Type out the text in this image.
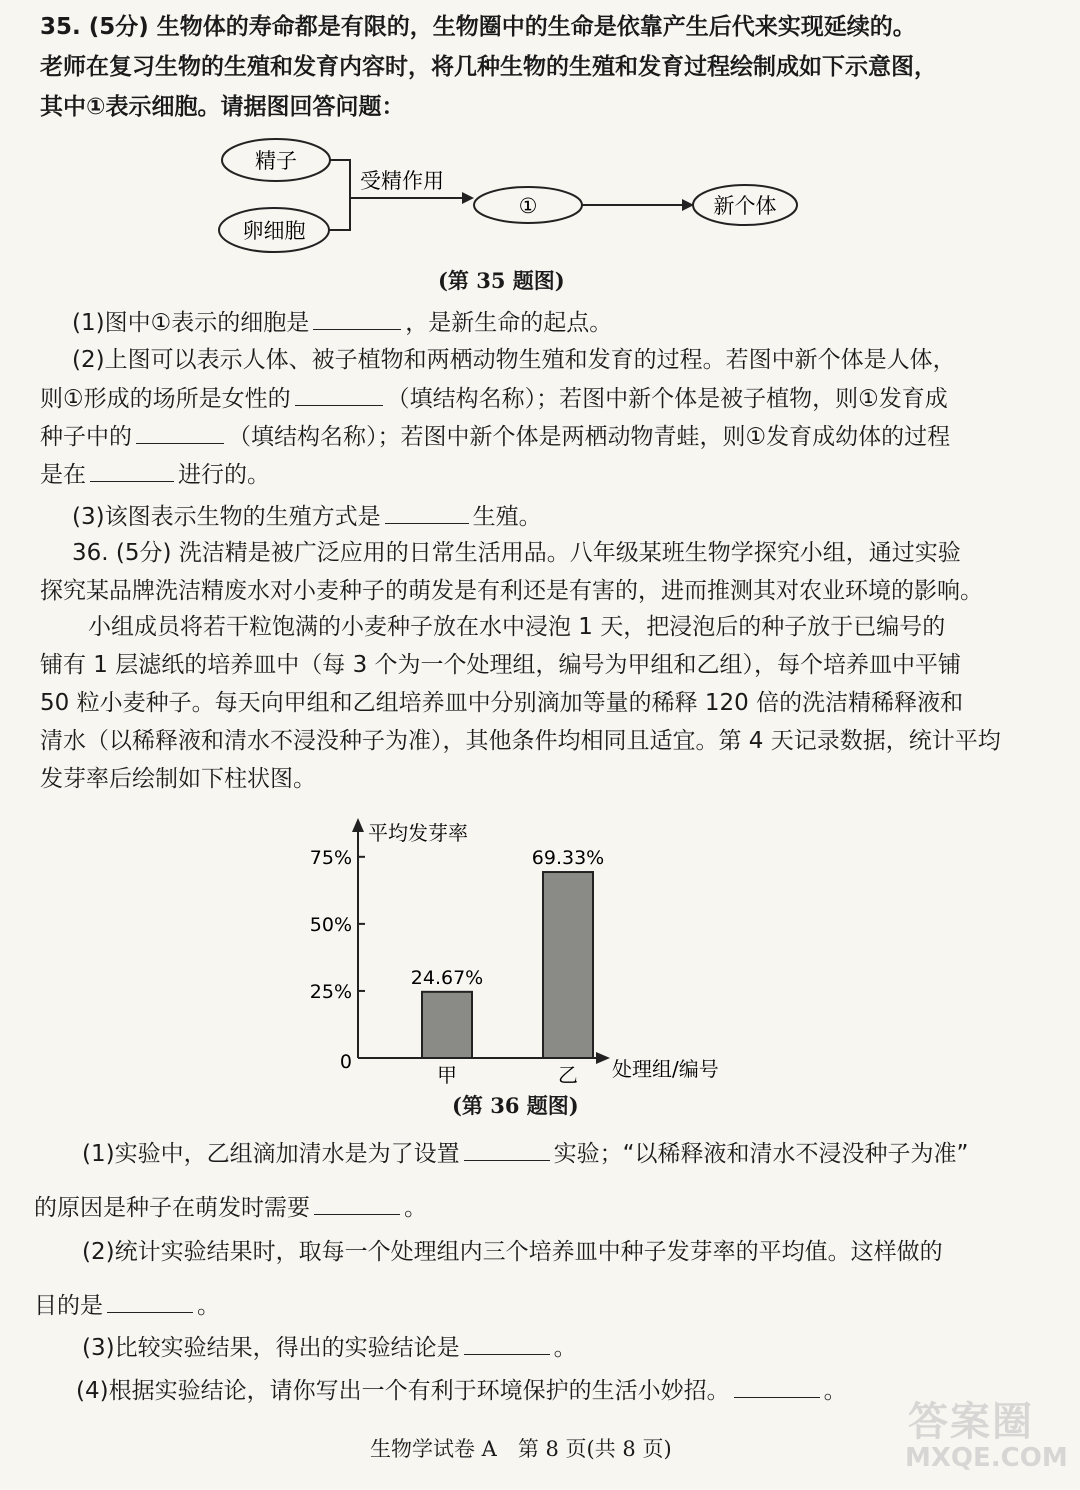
35. (5分) 生物体的寿命都是有限的，生物圈中的生命是依靠产生后代来实现延续的。
老师在复习生物的生殖和发育内容时，将几种生物的生殖和发育过程绘制成如下示意图，
其中①表示细胞。请据图回答问题：
精子
卵细胞
受精作用
①	新个体
(第 35 题图)
(1)图中①表示的细胞是	，是新生命的起点。
(2)上图可以表示人体、被子植物和两栖动物生殖和发育的过程。若图中新个体是人体，
则①形成的场所是女性的	（填结构名称）；若图中新个体是被子植物，则①发育成
种子中的	（填结构名称）；若图中新个体是两栖动物青蛙，则①发育成幼体的过程
是在	进行的。
(3)该图表示生物的生殖方式是	生殖。
36. (5分) 洗洁精是被广泛应用的日常生活用品。八年级某班生物学探究小组，通过实验
探究某品牌洗洁精废水对小麦种子的萌发是有利还是有害的，进而推测其对农业环境的影响。
小组成员将若干粒饱满的小麦种子放在水中浸泡 1 天，把浸泡后的种子放于已编号的
铺有 1 层滤纸的培养皿中（每 3 个为一个处理组，编号为甲组和乙组），每个培养皿中平铺
50 粒小麦种子。每天向甲组和乙组培养皿中分别滴加等量的稀释 120 倍的洗洁精稀释液和
清水（以稀释液和清水不浸没种子为准），其他条件均相同且适宜。第 4 天记录数据，统计平均
发芽率后绘制如下柱状图。
平均发芽率
处理组/编号
0
25%
50%
75%
24.67%
甲
69.33%
乙
(第 36 题图)
(1)实验中，乙组滴加清水是为了设置	实验；“以稀释液和清水不浸没种子为准”
的原因是种子在萌发时需要	。
(2)统计实验结果时，取每一个处理组内三个培养皿中种子发芽率的平均值。这样做的
目的是	。
(3)比较实验结果，得出的实验结论是	。
(4)根据实验结论，请你写出一个有利于环境保护的生活小妙招。	。
生物学试卷 A　第 8 页(共 8 页)
答案圈
MXQE.COM
